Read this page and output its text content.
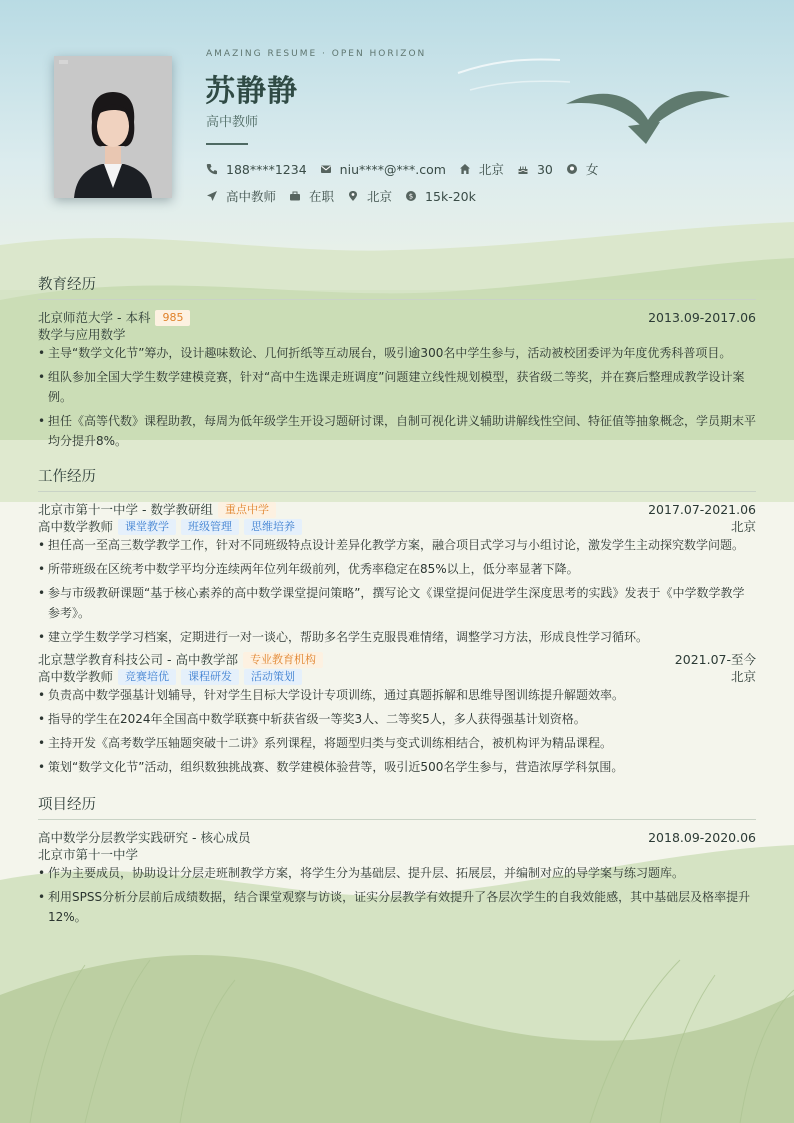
AMAZING RESUME · OPEN HORIZON
苏静静
高中教师
188****1234	niu****@***.com	北京	30	女
高中教师	在职	北京 $ 15k-20k
教育经历
北京师范大学 - 本科	985	2013.09-2017.06
数学与应用数学
• 主导“数学文化节”筹办，设计趣味数论、几何折纸等互动展台，吸引逾300名中学生参与，活动被校团委评为年度优秀科普项目。
• 组队参加全国大学生数学建模竞赛，针对“高中生选课走班调度”问题建立线性规划模型，获省级二等奖，并在赛后整理成教学设计案例。
• 担任《高等代数》课程助教，每周为低年级学生开设习题研讨课，自制可视化讲义辅助讲解线性空间、特征值等抽象概念，学员期末平均分提升8%。
工作经历
北京市第十一中学 - 数学教研组	重点中学	2017.07-2021.06
高中数学教师	课堂教学	班级管理	思维培养	北京
• 担任高一至高三数学教学工作，针对不同班级特点设计差异化教学方案，融合项目式学习与小组讨论，激发学生主动探究数学问题。
• 所带班级在区统考中数学平均分连续两年位列年级前列，优秀率稳定在85%以上，低分率显著下降。
• 参与市级教研课题“基于核心素养的高中数学课堂提问策略”，撰写论文《课堂提问促进学生深度思考的实践》发表于《中学数学教学参考》。
• 建立学生数学学习档案，定期进行一对一谈心，帮助多名学生克服畏难情绪，调整学习方法，形成良性学习循环。
北京慧学教育科技公司 - 高中教学部	专业教育机构	2021.07-至今
高中数学教师	竞赛培优	课程研发	活动策划	北京
• 负责高中数学强基计划辅导，针对学生目标大学设计专项训练，通过真题拆解和思维导图训练提升解题效率。
• 指导的学生在2024年全国高中数学联赛中斩获省级一等奖3人、二等奖5人，多人获得强基计划资格。
• 主持开发《高考数学压轴题突破十二讲》系列课程，将题型归类与变式训练相结合，被机构评为精品课程。
• 策划“数学文化节”活动，组织数独挑战赛、数学建模体验营等，吸引近500名学生参与，营造浓厚学科氛围。
项目经历
高中数学分层教学实践研究 - 核心成员	2018.09-2020.06
北京市第十一中学
• 作为主要成员，协助设计分层走班制教学方案，将学生分为基础层、提升层、拓展层，并编制对应的导学案与练习题库。
• 利用SPSS分析分层前后成绩数据，结合课堂观察与访谈，证实分层教学有效提升了各层次学生的自我效能感，其中基础层及格率提升12%。
